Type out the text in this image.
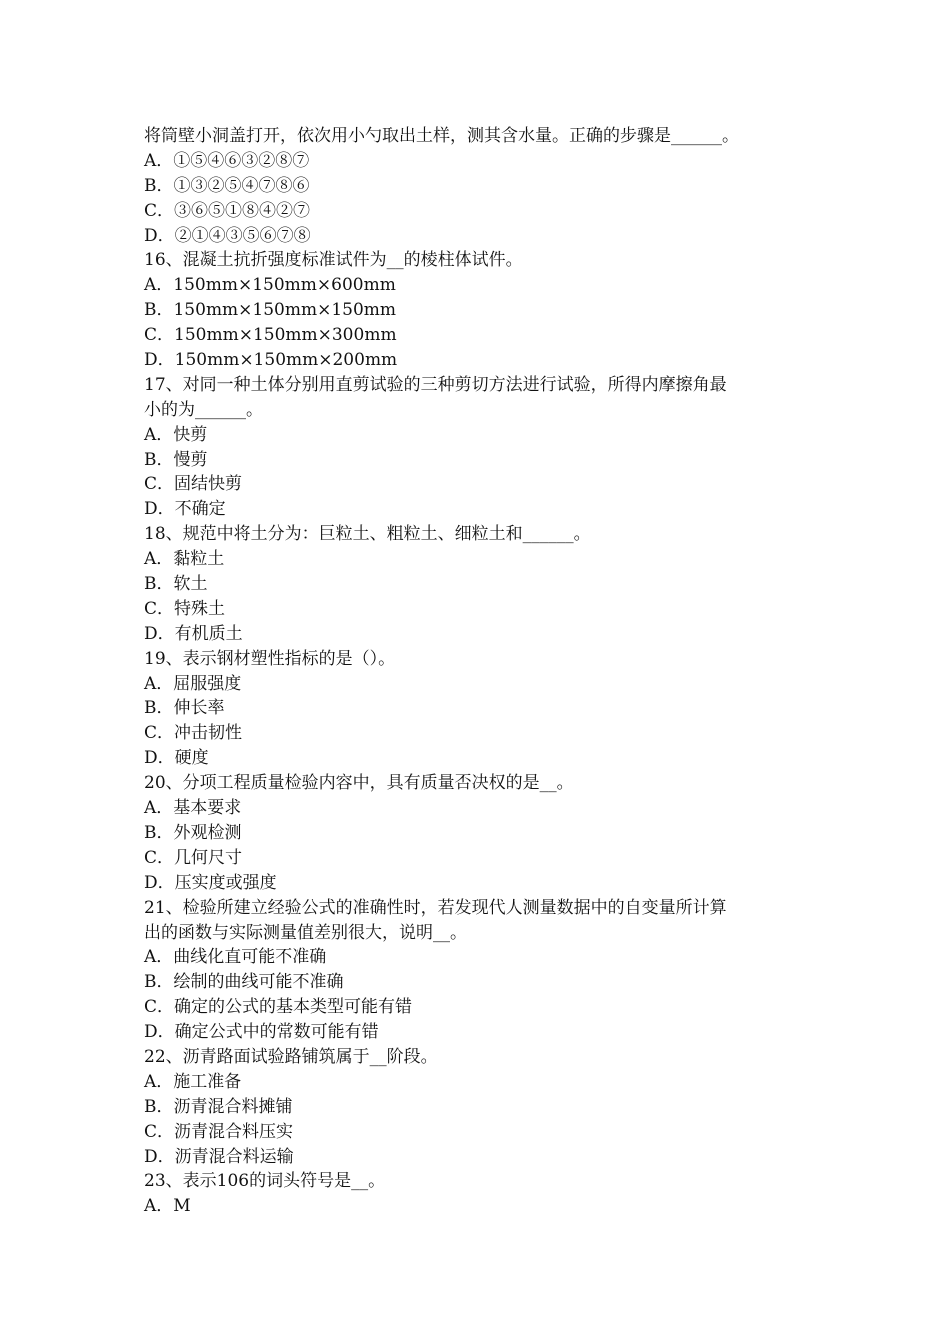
将筒壁小洞盖打开，依次用小勺取出土样，测其含水量。正确的步骤是______。
A．①⑤④⑥③②⑧⑦
B．①③②⑤④⑦⑧⑥
C．③⑥⑤①⑧④②⑦
D．②①④③⑤⑥⑦⑧
16、混凝土抗折强度标准试件为__的棱柱体试件。
A．150mm×150mm×600mm
B．150mm×150mm×150mm
C．150mm×150mm×300mm
D．150mm×150mm×200mm
17、对同一种土体分别用直剪试验的三种剪切方法进行试验，所得内摩擦角最
小的为______。
A．快剪
B．慢剪
C．固结快剪
D．不确定
18、规范中将土分为：巨粒土、粗粒土、细粒土和______。
A．黏粒土
B．软土
C．特殊土
D．有机质土
19、表示钢材塑性指标的是（）。
A．屈服强度
B．伸长率
C．冲击韧性
D．硬度
20、分项工程质量检验内容中，具有质量否决权的是__。
A．基本要求
B．外观检测
C．几何尺寸
D．压实度或强度
21、检验所建立经验公式的准确性时，若发现代人测量数据中的自变量所计算
出的函数与实际测量值差别很大，说明__。
A．曲线化直可能不准确
B．绘制的曲线可能不准确
C．确定的公式的基本类型可能有错
D．确定公式中的常数可能有错
22、沥青路面试验路铺筑属于__阶段。
A．施工准备
B．沥青混合料摊铺
C．沥青混合料压实
D．沥青混合料运输
23、表示106的词头符号是__。
A．M
